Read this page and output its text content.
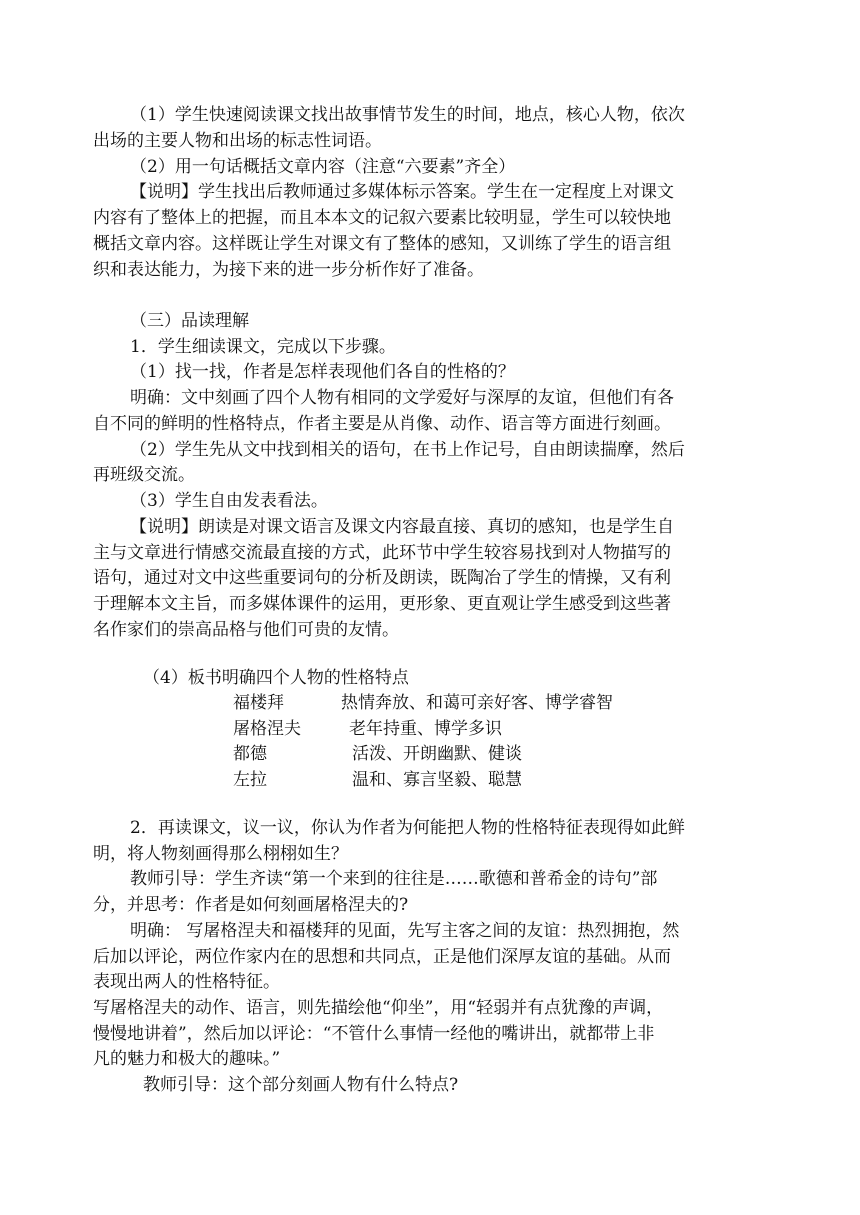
（1）学生快速阅读课文找出故事情节发生的时间，地点，核心人物，依次
出场的主要人物和出场的标志性词语。
（2）用一句话概括文章内容（注意“六要素”齐全）
【说明】学生找出后教师通过多媒体标示答案。学生在一定程度上对课文
内容有了整体上的把握，而且本本文的记叙六要素比较明显，学生可以较快地
概括文章内容。这样既让学生对课文有了整体的感知，又训练了学生的语言组
织和表达能力，为接下来的进一步分析作好了准备。
（三）品读理解
1．学生细读课文，完成以下步骤。
（1）找一找，作者是怎样表现他们各自的性格的？
明确：文中刻画了四个人物有相同的文学爱好与深厚的友谊，但他们有各
自不同的鲜明的性格特点，作者主要是从肖像、动作、语言等方面进行刻画。
（2）学生先从文中找到相关的语句，在书上作记号，自由朗读揣摩，然后
再班级交流。
（3）学生自由发表看法。
【说明】朗读是对课文语言及课文内容最直接、真切的感知，也是学生自
主与文章进行情感交流最直接的方式，此环节中学生较容易找到对人物描写的
语句，通过对文中这些重要词句的分析及朗读，既陶冶了学生的情操，又有利
于理解本文主旨，而多媒体课件的运用，更形象、更直观让学生感受到这些著
名作家们的崇高品格与他们可贵的友情。
（4）板书明确四个人物的性格特点
福楼拜	热情奔放、和蔼可亲好客、博学睿智
屠格涅夫	老年持重、博学多识
都德	活泼、开朗幽默、健谈
左拉	温和、寡言坚毅、聪慧
2．再读课文，议一议，你认为作者为何能把人物的性格特征表现得如此鲜
明，将人物刻画得那么栩栩如生？
教师引导：学生齐读“第一个来到的往往是……歌德和普希金的诗句”部
分，并思考：作者是如何刻画屠格涅夫的?
明确： 写屠格涅夫和福楼拜的见面，先写主客之间的友谊：热烈拥抱，然
后加以评论，两位作家内在的思想和共同点，正是他们深厚友谊的基础。从而
表现出两人的性格特征。
写屠格涅夫的动作、语言，则先描绘他“仰坐”，用“轻弱并有点犹豫的声调，
慢慢地讲着”，然后加以评论：“不管什么事情一经他的嘴讲出，就都带上非
凡的魅力和极大的趣味。”
教师引导：这个部分刻画人物有什么特点?
